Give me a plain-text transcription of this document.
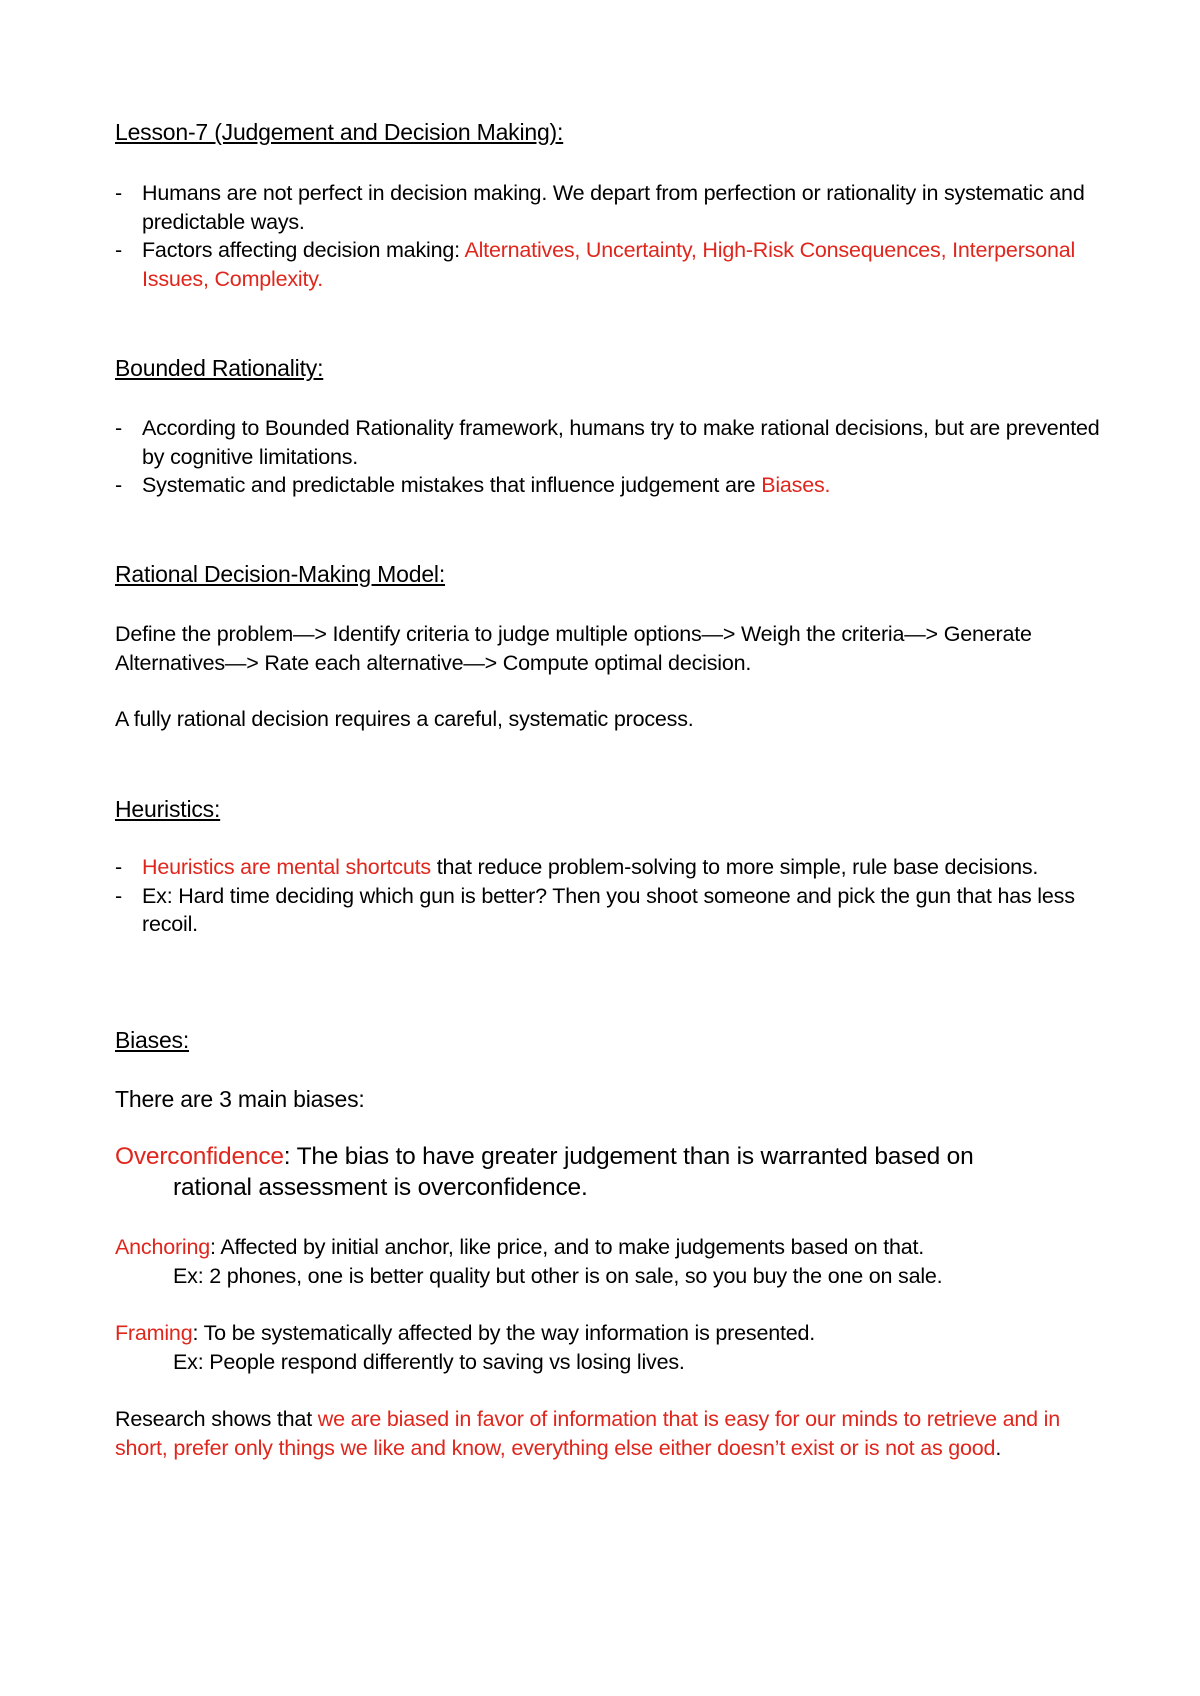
Lesson-7 (Judgement and Decision Making):
- Humans are not perfect in decision making. We depart from perfection or rationality in systematic and predictable ways.
- Factors affecting decision making: Alternatives, Uncertainty, High-Risk Consequences, Interpersonal Issues, Complexity.
Bounded Rationality:
- According to Bounded Rationality framework, humans try to make rational decisions, but are prevented by cognitive limitations.
- Systematic and predictable mistakes that influence judgement are Biases.
Rational Decision-Making Model:

Define the problem—> Identify criteria to judge multiple options—> Weigh the criteria—> Generate Alternatives—> Rate each alternative—> Compute optimal decision.

A fully rational decision requires a careful, systematic process.

Heuristics:
- Heuristics are mental shortcuts that reduce problem-solving to more simple, rule base decisions.
- Ex: Hard time deciding which gun is better? Then you shoot someone and pick the gun that has less recoil.
Biases:

There are 3 main biases:

Overconfidence: The bias to have greater judgement than is warranted based on

rational assessment is overconfidence.

Anchoring: Affected by initial anchor, like price, and to make judgements based on that.

Ex: 2 phones, one is better quality but other is on sale, so you buy the one on sale.

Framing: To be systematically affected by the way information is presented.

Ex: People respond differently to saving vs losing lives.

Research shows that we are biased in favor of information that is easy for our minds to retrieve and in short, prefer only things we like and know, everything else either doesn’t exist or is not as good.
